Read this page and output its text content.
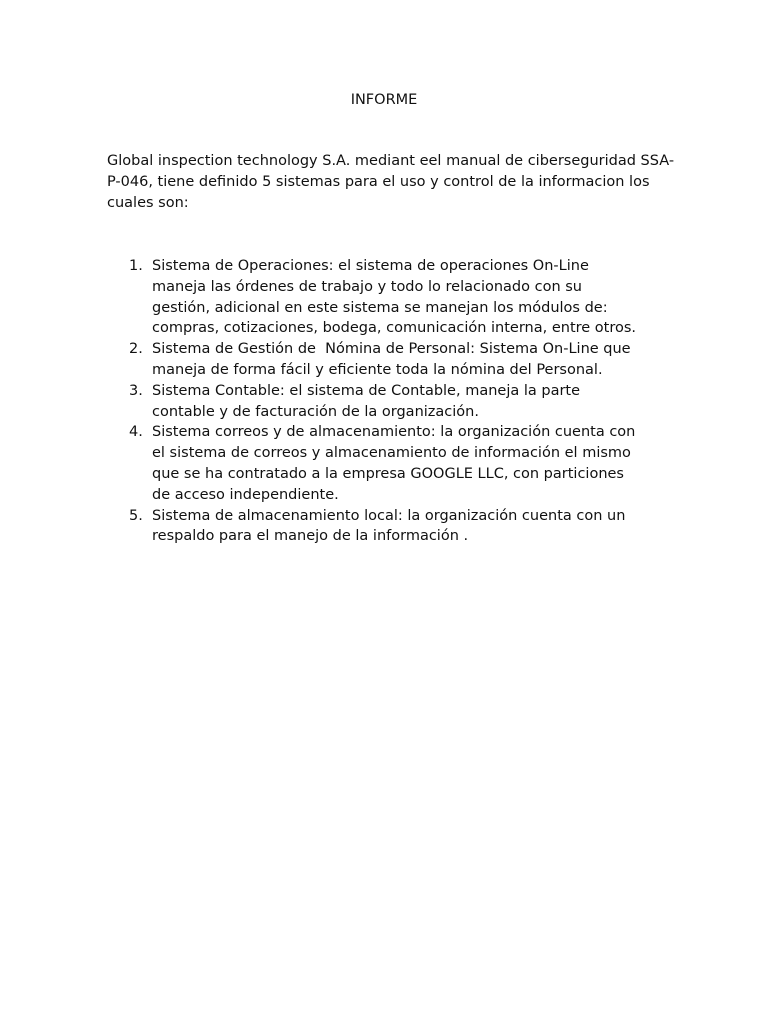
INFORME

Global inspection technology S.A. mediant eel manual de ciberseguridad SSA-P-046, tiene definido 5 sistemas para el uso y control de la informacion los cuales son:

1. Sistema de Operaciones: el sistema de operaciones On-Line
maneja las órdenes de trabajo y todo lo relacionado con su
gestión, adicional en este sistema se manejan los módulos de:
compras, cotizaciones, bodega, comunicación interna, entre otros.
2. Sistema de Gestión de  Nómina de Personal: Sistema On-Line que
maneja de forma fácil y eficiente toda la nómina del Personal.
3. Sistema Contable: el sistema de Contable, maneja la parte
contable y de facturación de la organización.
4. Sistema correos y de almacenamiento: la organización cuenta con
el sistema de correos y almacenamiento de información el mismo
que se ha contratado a la empresa GOOGLE LLC, con particiones
de acceso independiente.
5. Sistema de almacenamiento local: la organización cuenta con un
respaldo para el manejo de la información .
